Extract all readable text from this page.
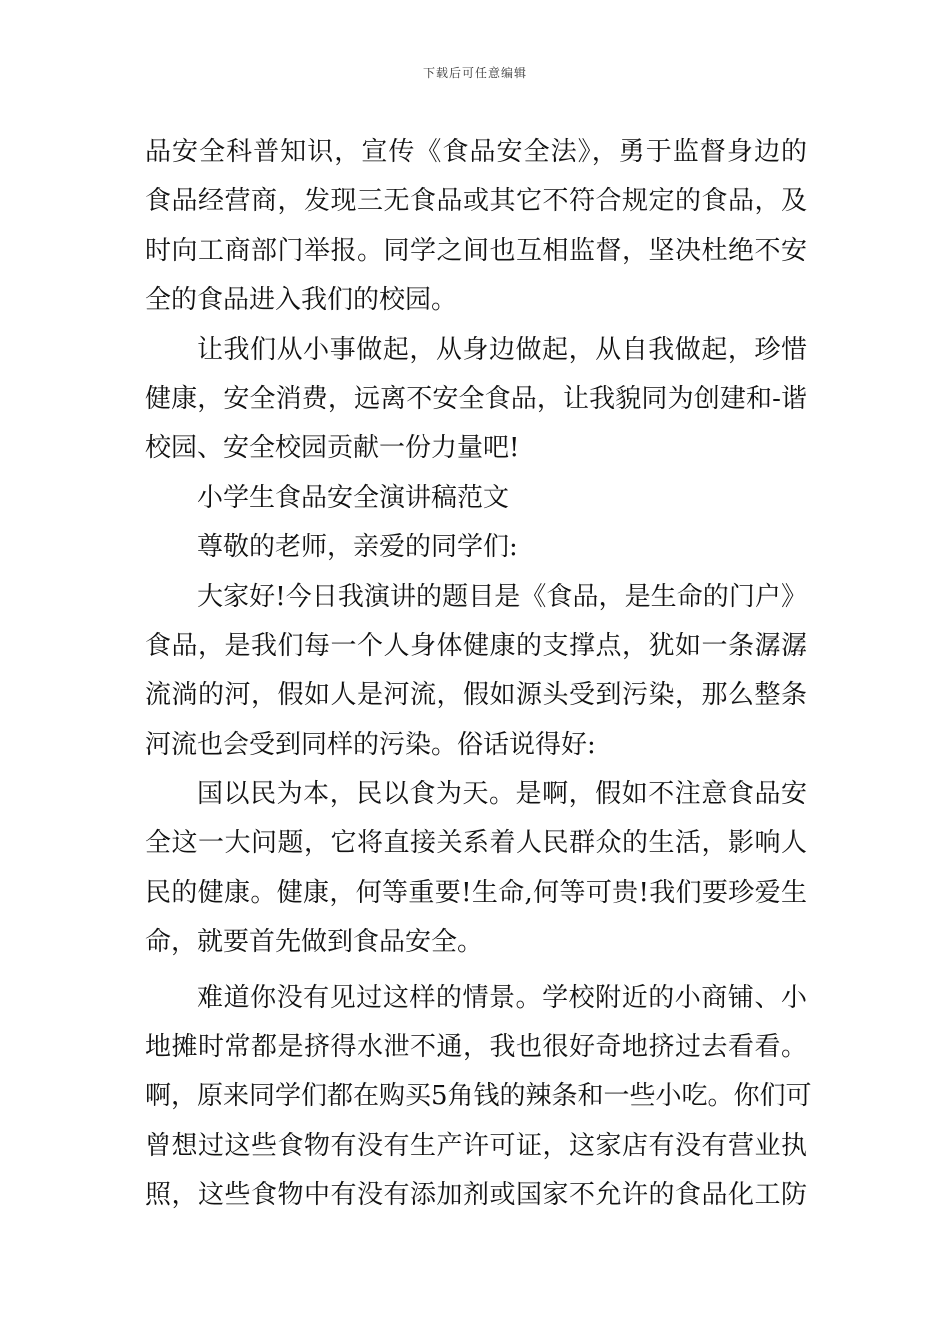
下载后可任意编辑
品安全科普知识，宣传《食品安全法》，勇于监督身边的
食品经营商，发现三无食品或其它不符合规定的食品，及
时向工商部门举报。同学之间也互相监督，坚决杜绝不安
全的食品进入我们的校园。
让我们从小事做起，从身边做起，从自我做起，珍惜
健康，安全消费，远离不安全食品，让我貌同为创建和-谐
校园、安全校园贡献一份力量吧!
小学生食品安全演讲稿范文
尊敬的老师，亲爱的同学们:
大家好!今日我演讲的题目是《食品，是生命的门户》
食品，是我们每一个人身体健康的支撑点，犹如一条潺潺
流淌的河，假如人是河流，假如源头受到污染，那么整条
河流也会受到同样的污染。俗话说得好:
国以民为本，民以食为天。是啊，假如不注意食品安
全这一大问题，它将直接关系着人民群众的生活，影响人
民的健康。健康，何等重要!生命,何等可贵!我们要珍爱生
命，就要首先做到食品安全。
难道你没有见过这样的情景。学校附近的小商铺、小
地摊时常都是挤得水泄不通，我也很好奇地挤过去看看。
啊，原来同学们都在购买5角钱的辣条和一些小吃。你们可
曾想过这些食物有没有生产许可证，这家店有没有营业执
照，这些食物中有没有添加剂或国家不允许的食品化工防
